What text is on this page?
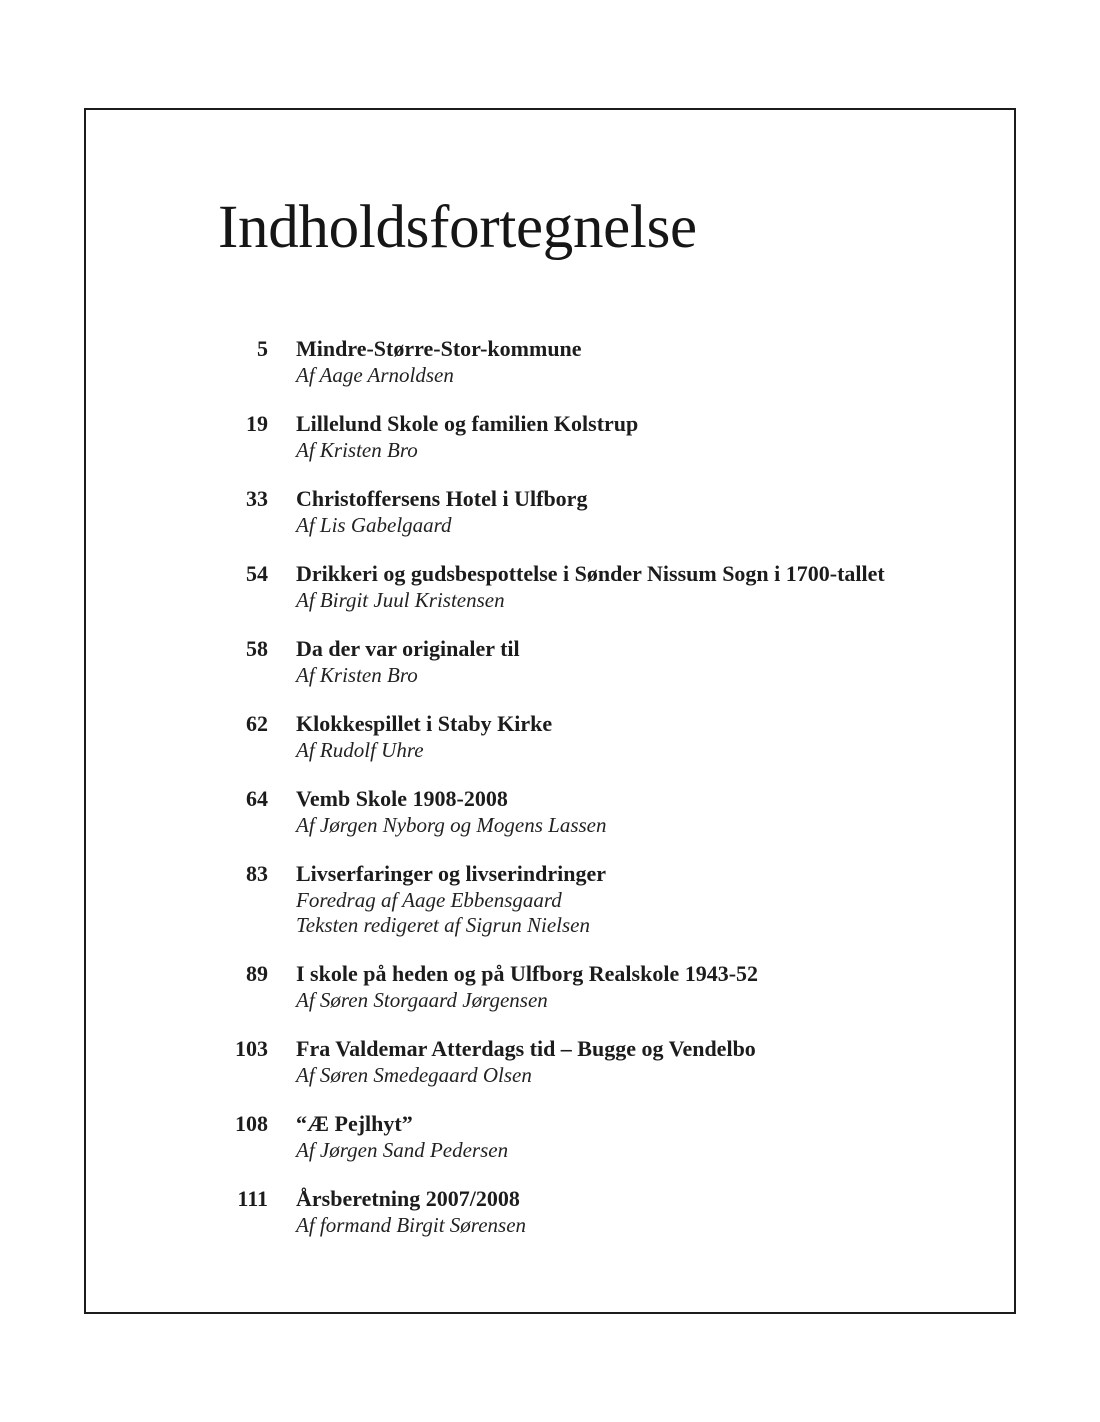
Indholdsfortegnelse
5 Mindre-Større-Stor-kommune
Af Aage Arnoldsen
19 Lillelund Skole og familien Kolstrup
Af Kristen Bro
33 Christoffersens Hotel i Ulfborg
Af Lis Gabelgaard
54 Drikkeri og gudsbespottelse i Sønder Nissum Sogn i 1700-tallet
Af Birgit Juul Kristensen
58 Da der var originaler til
Af Kristen Bro
62 Klokkespillet i Staby Kirke
Af Rudolf Uhre
64 Vemb Skole 1908-2008
Af Jørgen Nyborg og Mogens Lassen
83 Livserfaringer og livserindringer
Foredrag af Aage Ebbensgaard
Teksten redigeret af Sigrun Nielsen
89 I skole på heden og på Ulfborg Realskole 1943-52
Af Søren Storgaard Jørgensen
103 Fra Valdemar Atterdags tid – Bugge og Vendelbo
Af Søren Smedegaard Olsen
108 “Æ Pejlhyt”
Af Jørgen Sand Pedersen
111 Årsberetning 2007/2008
Af formand Birgit Sørensen
